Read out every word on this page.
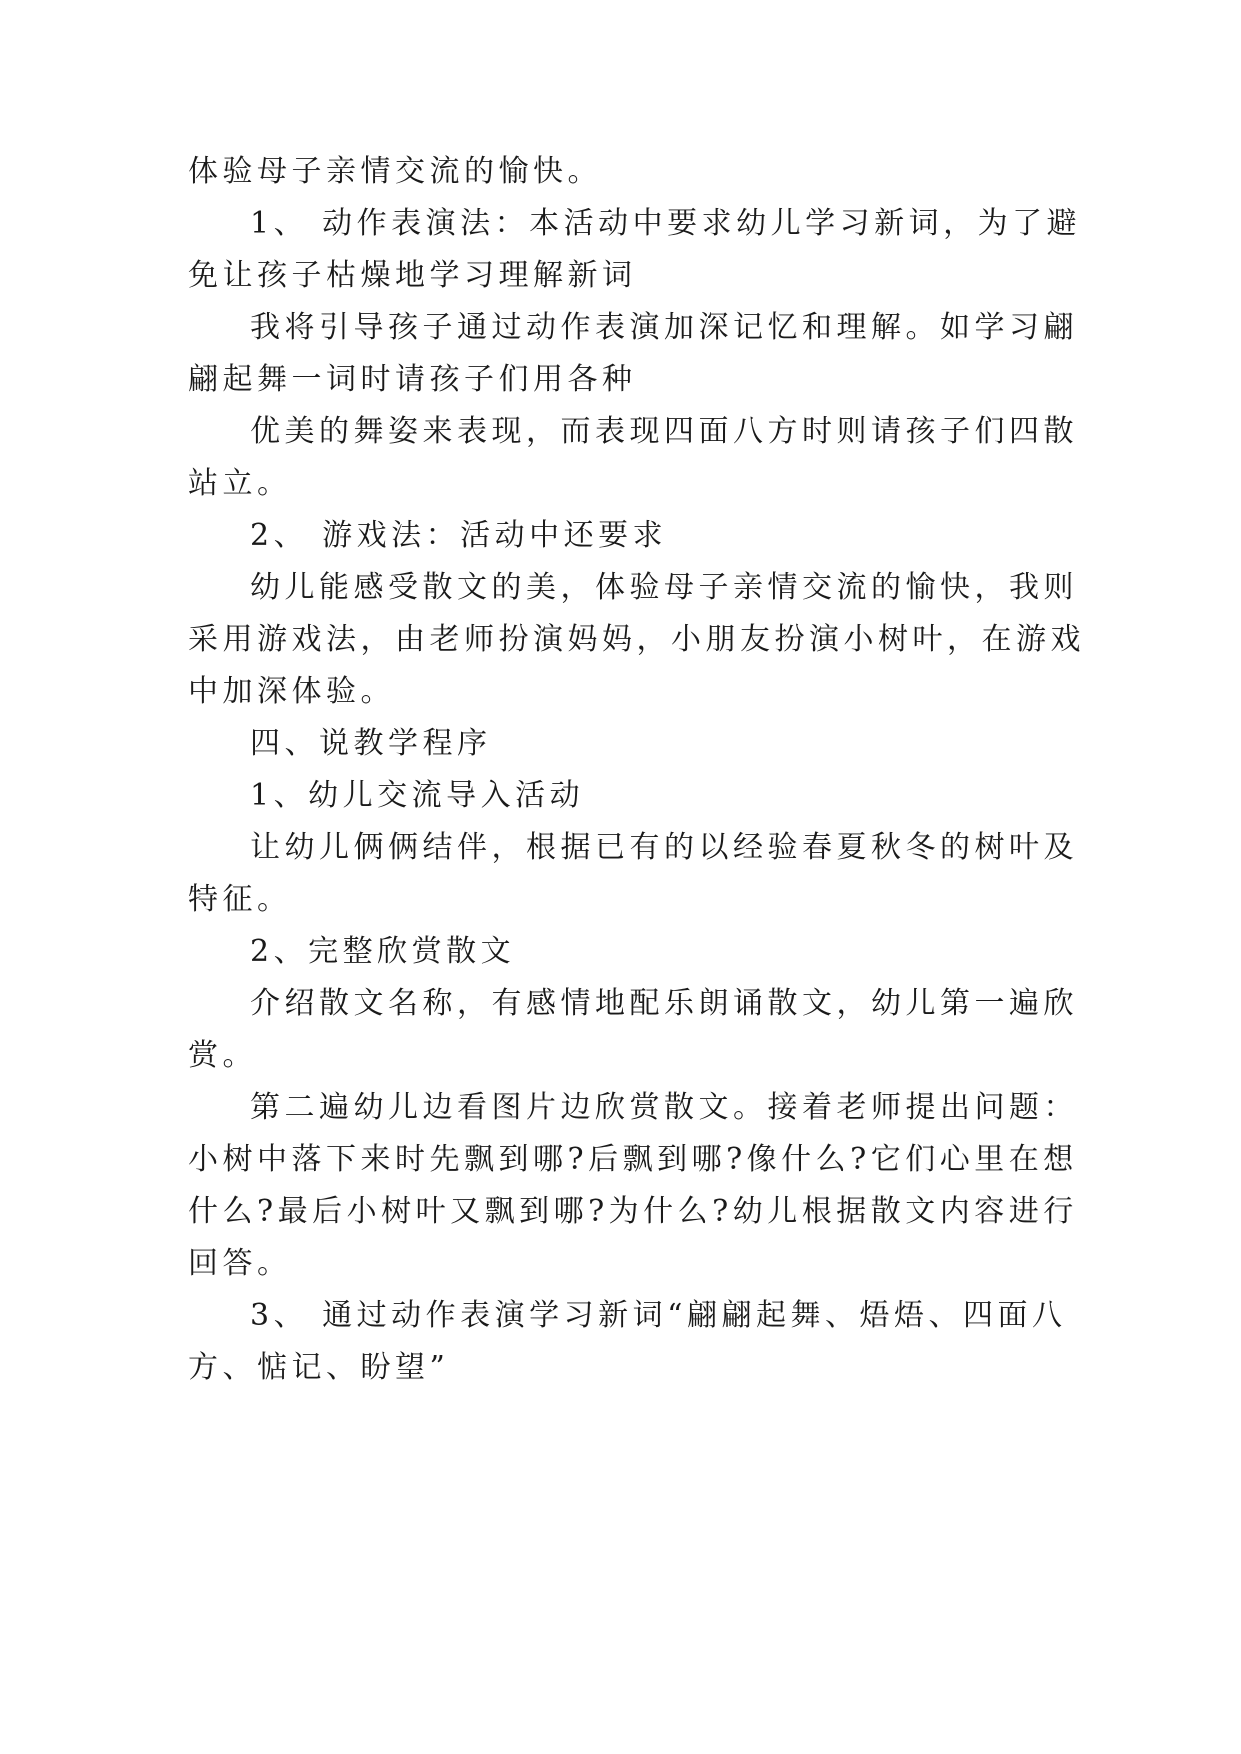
体验母子亲情交流的愉快。
1、 动作表演法：本活动中要求幼儿学习新词，为了避
免让孩子枯燥地学习理解新词
我将引导孩子通过动作表演加深记忆和理解。如学习翩
翩起舞一词时请孩子们用各种
优美的舞姿来表现，而表现四面八方时则请孩子们四散
站立。
2、 游戏法：活动中还要求
幼儿能感受散文的美，体验母子亲情交流的愉快，我则
采用游戏法，由老师扮演妈妈，小朋友扮演小树叶，在游戏
中加深体验。
四、说教学程序
1、幼儿交流导入活动
让幼儿俩俩结伴，根据已有的以经验春夏秋冬的树叶及
特征。
2、完整欣赏散文
介绍散文名称，有感情地配乐朗诵散文，幼儿第一遍欣
赏。
第二遍幼儿边看图片边欣赏散文。接着老师提出问题：
小树中落下来时先飘到哪?后飘到哪?像什么?它们心里在想
什么?最后小树叶又飘到哪?为什么?幼儿根据散文内容进行
回答。
3、 通过动作表演学习新词“翩翩起舞、焐焐、四面八
方、惦记、盼望”
